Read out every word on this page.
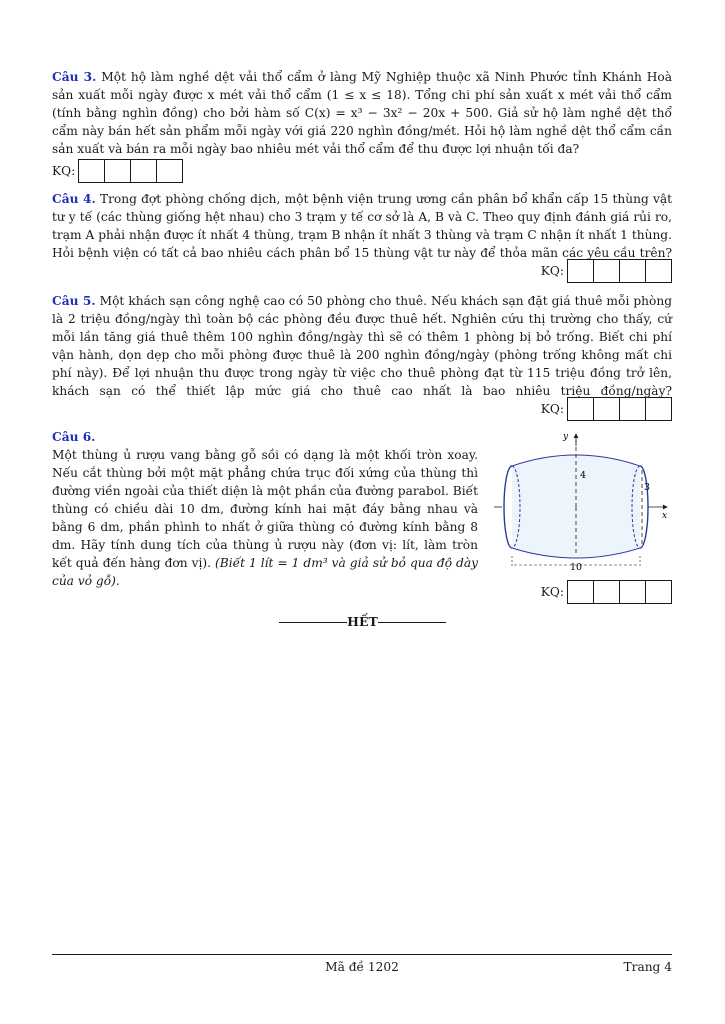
Câu 3. Một hộ làm nghề dệt vải thổ cẩm ở làng Mỹ Nghiệp thuộc xã Ninh Phước tỉnh Khánh Hoà sản xuất mỗi ngày được x mét vải thổ cẩm (1 ≤ x ≤ 18). Tổng chi phí sản xuất x mét vải thổ cẩm (tính bằng nghìn đồng) cho bởi hàm số C(x) = x³ − 3x² − 20x + 500. Giả sử hộ làm nghề dệt thổ cẩm này bán hết sản phẩm mỗi ngày với giá 220 nghìn đồng/mét. Hỏi hộ làm nghề dệt thổ cẩm cần sản xuất và bán ra mỗi ngày bao nhiêu mét vải thổ cẩm để thu được lợi nhuận tối đa?

KQ:

Câu 4. Trong đợt phòng chống dịch, một bệnh viện trung ương cần phân bổ khẩn cấp 15 thùng vật tư y tế (các thùng giống hệt nhau) cho 3 trạm y tế cơ sở là A, B và C. Theo quy định đánh giá rủi ro, trạm A phải nhận được ít nhất 4 thùng, trạm B nhận ít nhất 3 thùng và trạm C nhận ít nhất 1 thùng. Hỏi bệnh viện có tất cả bao nhiêu cách phân bổ 15 thùng vật tư này để thỏa mãn các yêu cầu trên?

KQ:

Câu 5. Một khách sạn công nghệ cao có 50 phòng cho thuê. Nếu khách sạn đặt giá thuê mỗi phòng là 2 triệu đồng/ngày thì toàn bộ các phòng đều được thuê hết. Nghiên cứu thị trường cho thấy, cứ mỗi lần tăng giá thuê thêm 100 nghìn đồng/ngày thì sẽ có thêm 1 phòng bị bỏ trống. Biết chi phí vận hành, dọn dẹp cho mỗi phòng được thuê là 200 nghìn đồng/ngày (phòng trống không mất chi phí này). Để lợi nhuận thu được trong ngày từ việc cho thuê phòng đạt từ 115 triệu đồng trở lên, khách sạn có thể thiết lập mức giá cho thuê cao nhất là bao nhiêu triệu đồng/ngày?

KQ:
Câu 6.
Một thùng ủ rượu vang bằng gỗ sồi có dạng là một khối tròn xoay. Nếu cắt thùng bởi một mặt phẳng chứa trục đối xứng của thùng thì đường viền ngoài của thiết diện là một phần của đường parabol. Biết thùng có chiều dài 10 dm, đường kính hai mặt đáy bằng nhau và bằng 6 dm, phần phình to nhất ở giữa thùng có đường kính bằng 8 dm. Hãy tính dung tích của thùng ủ rượu này (đơn vị: lít, làm tròn kết quả đến hàng đơn vị). (Biết 1 lít = 1 dm³ và giả sử bỏ qua độ dày của vỏ gỗ).
y
x
4
3
10
KQ:
HẾT
Mã đề 1202	Trang 4
